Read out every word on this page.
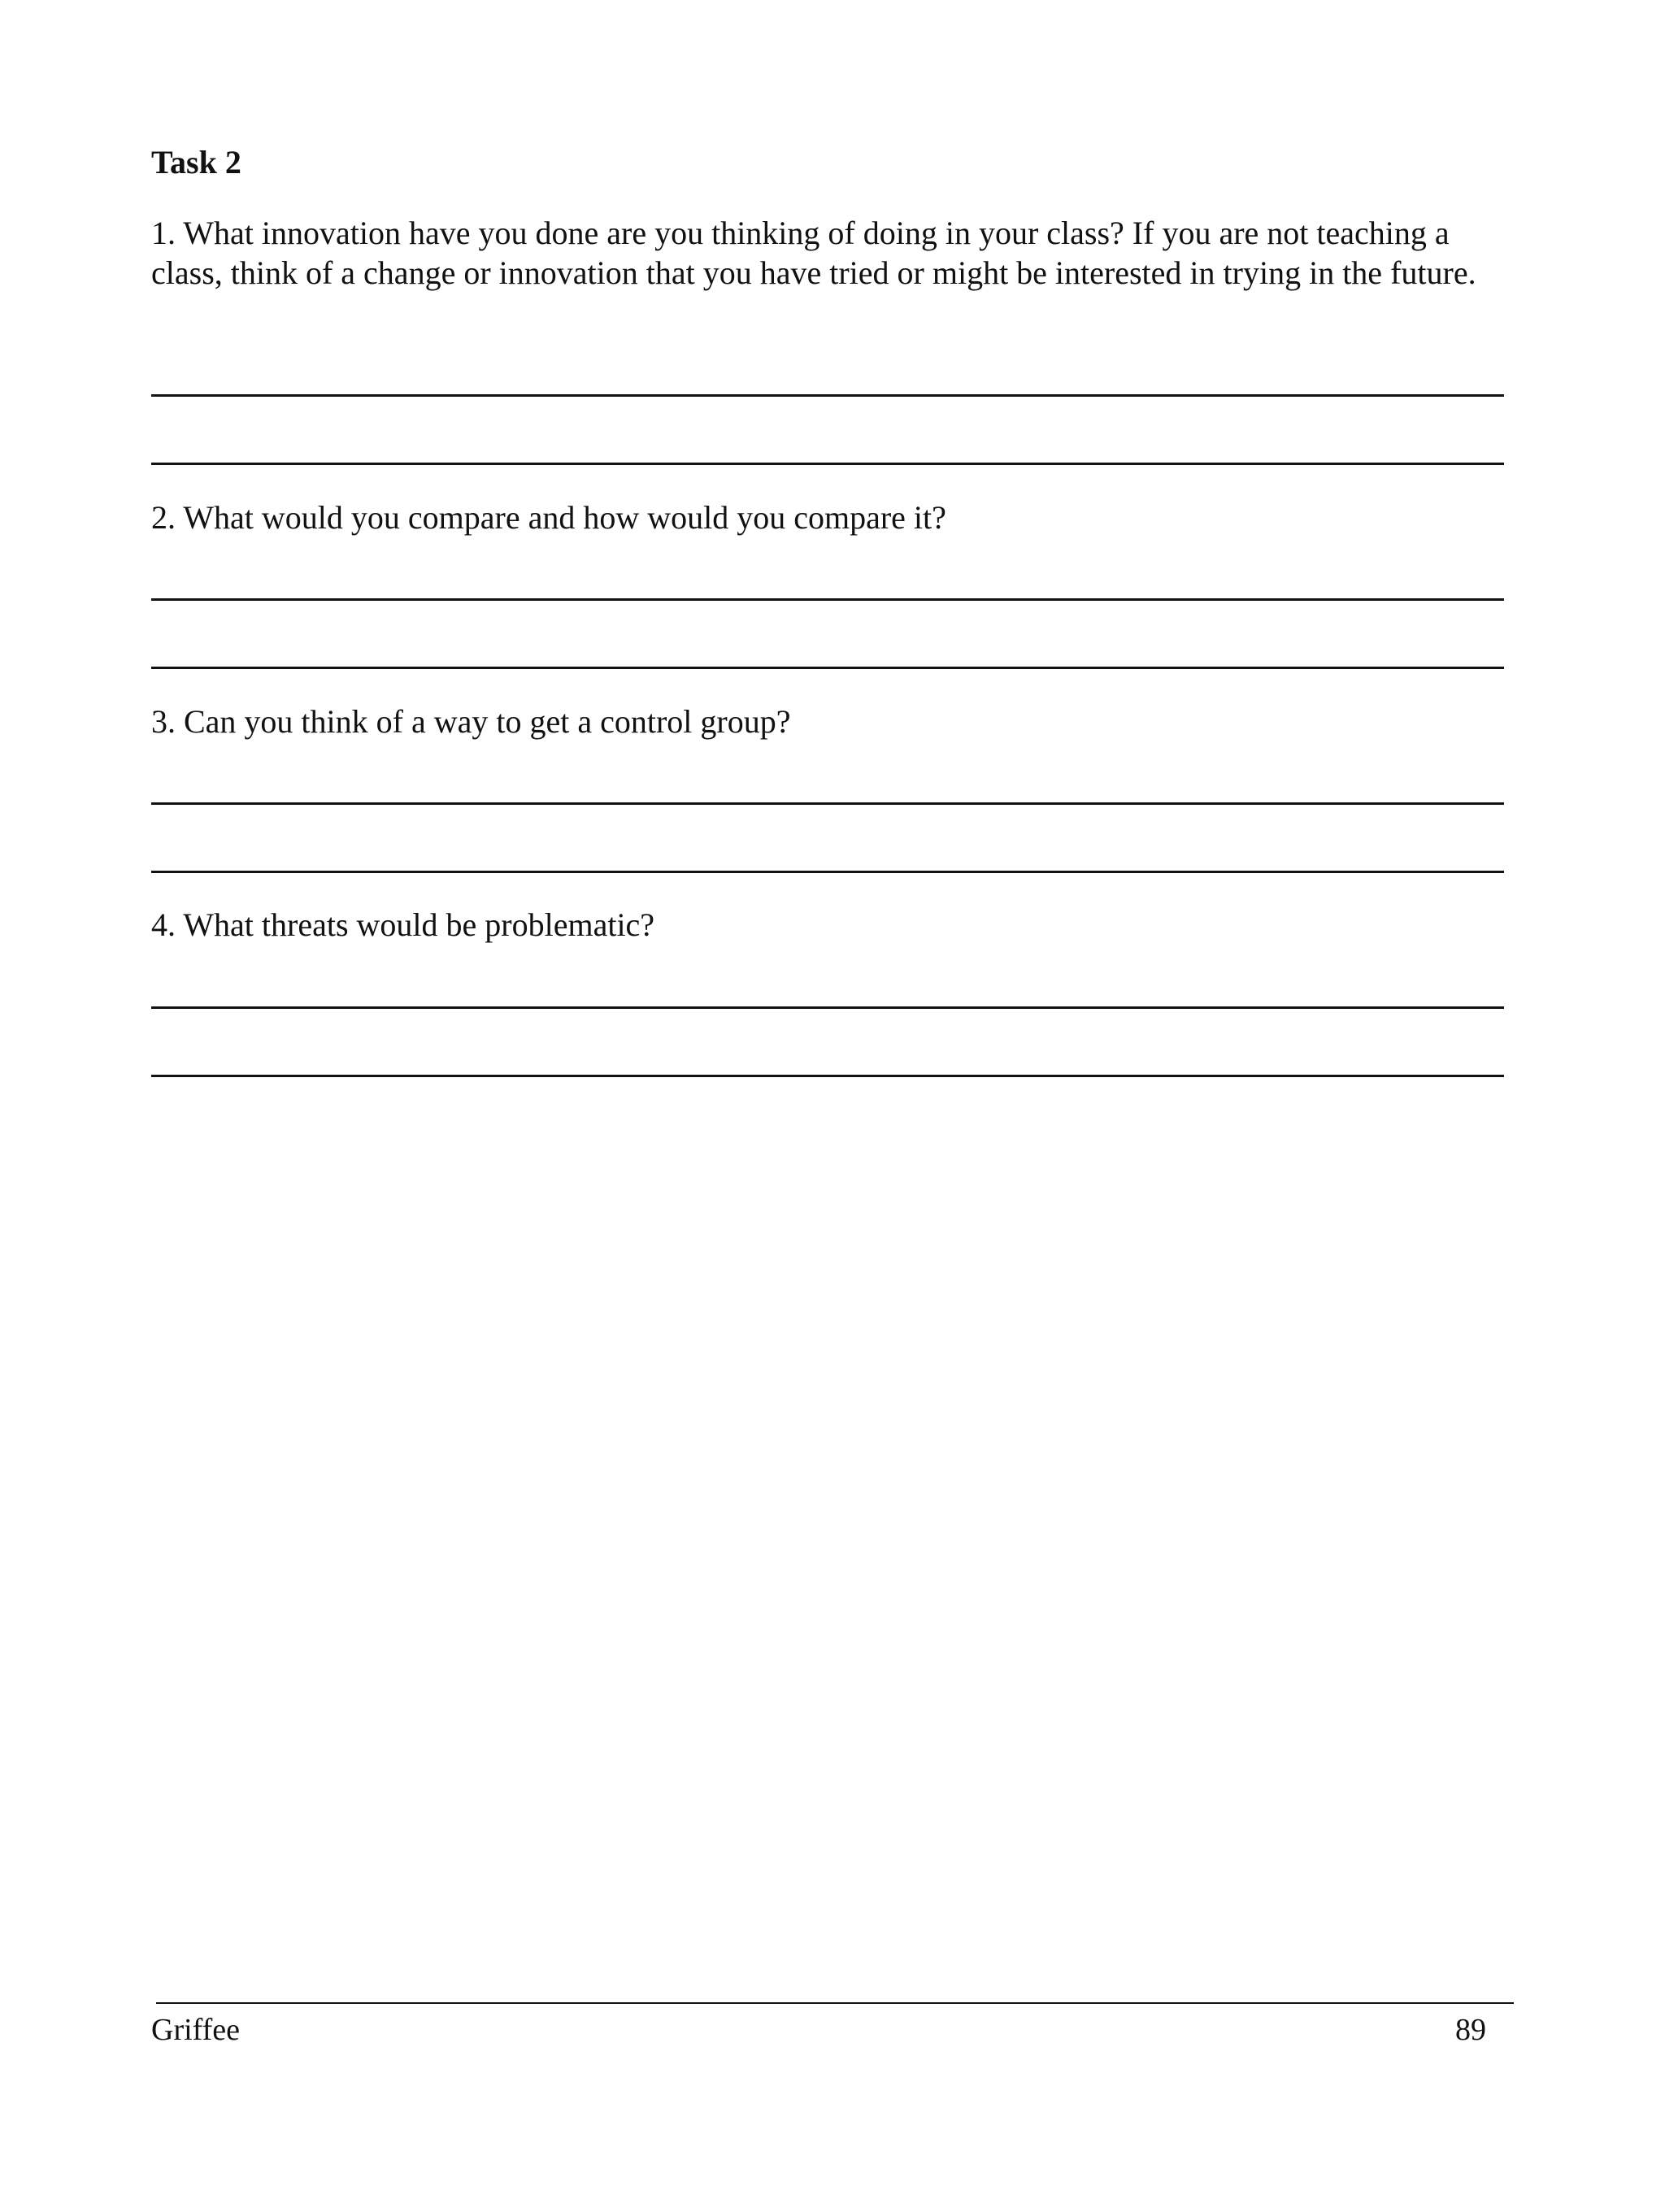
Task 2

1. What innovation have you done are you thinking of doing in your class? If you are not teaching a class, think of a change or innovation that you have tried or might be interested in trying in the future.

2. What would you compare and how would you compare it?

3. Can you think of a way to get a control group?

4. What threats would be problematic?

Griffee	89
